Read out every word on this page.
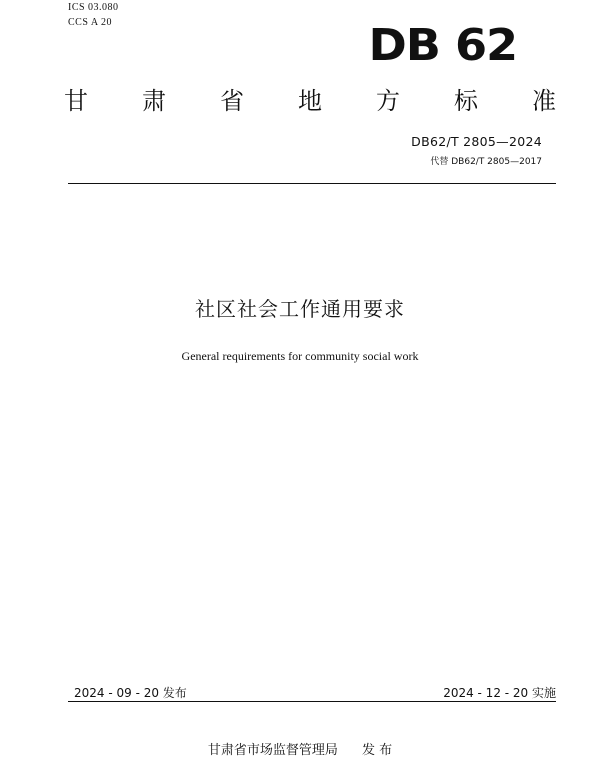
ICS 03.080
CCS A 20	DB 62
甘 肃 省 地 方 标 准
DB62/T 2805—2024
代替 DB62/T 2805—2017
社区社会工作通用要求
General requirements for community social work
2024 - 09 - 20 发布	2024 - 12 - 20 实施
甘肃省市场监督管理局 发 布
